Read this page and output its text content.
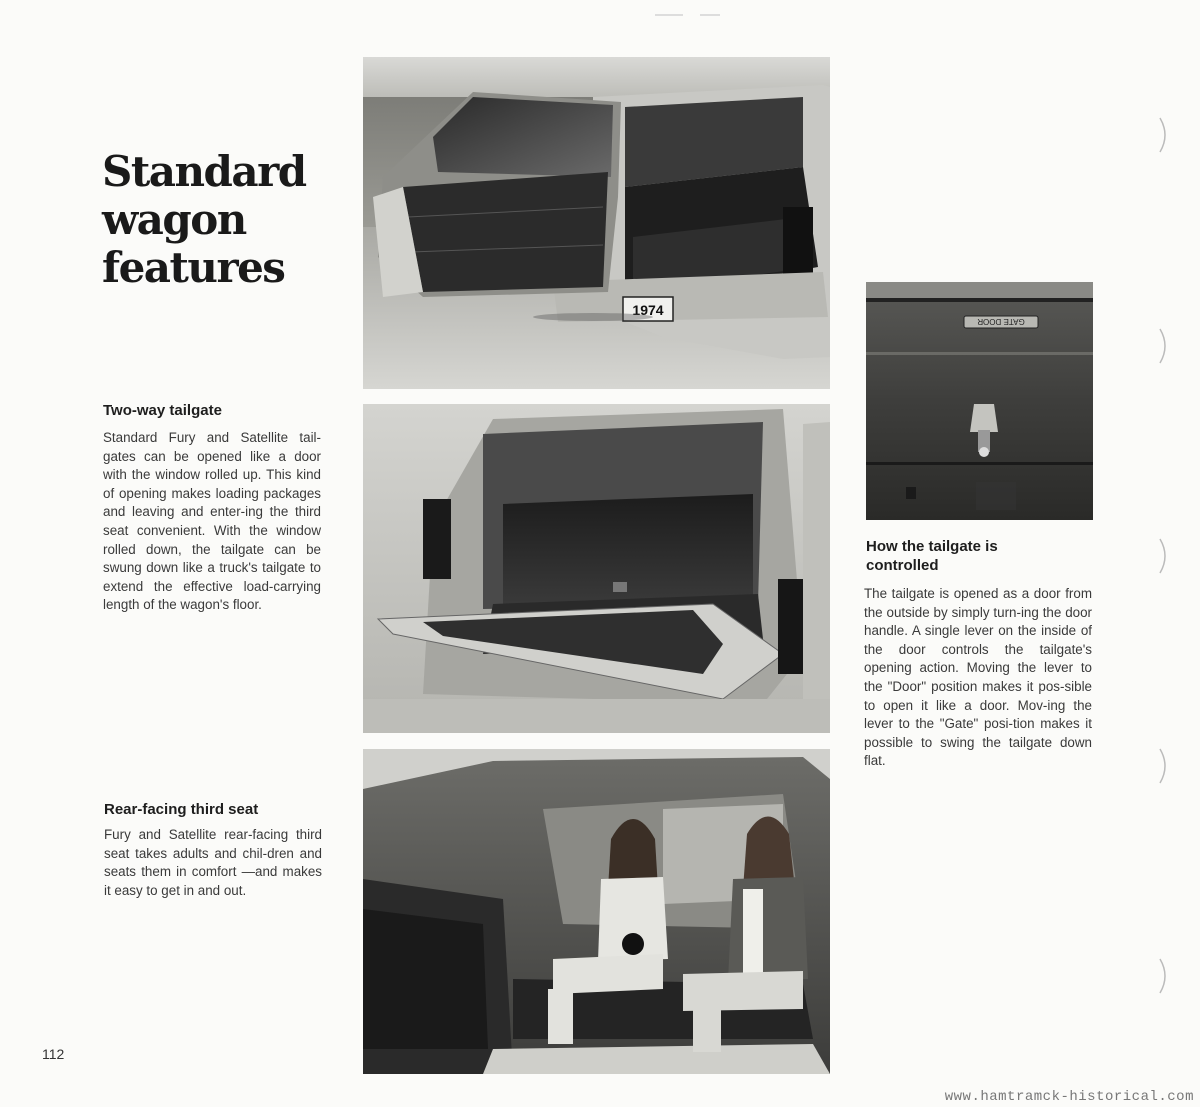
Standard
wagon
features
Two-way tailgate

Standard Fury and Satellite tail-gates can be opened like a door with the window rolled up. This kind of opening makes loading packages and leaving and enter-ing the third seat convenient. With the window rolled down, the tailgate can be swung down like a truck's tailgate to extend the effective load-carrying length of the wagon's floor.

Rear-facing third seat

Fury and Satellite rear-facing third seat takes adults and chil-dren and seats them in comfort —and makes it easy to get in and out.

How the tailgate is
controlled

The tailgate is opened as a door from the outside by simply turn-ing the door handle. A single lever on the inside of the door controls the tailgate's opening action. Moving the lever to the "Door" position makes it pos-sible to open it like a door. Mov-ing the lever to the "Gate" posi-tion makes it possible to swing the tailgate down flat.

1974
GATE DOOR
112
www.hamtramck-historical.com
